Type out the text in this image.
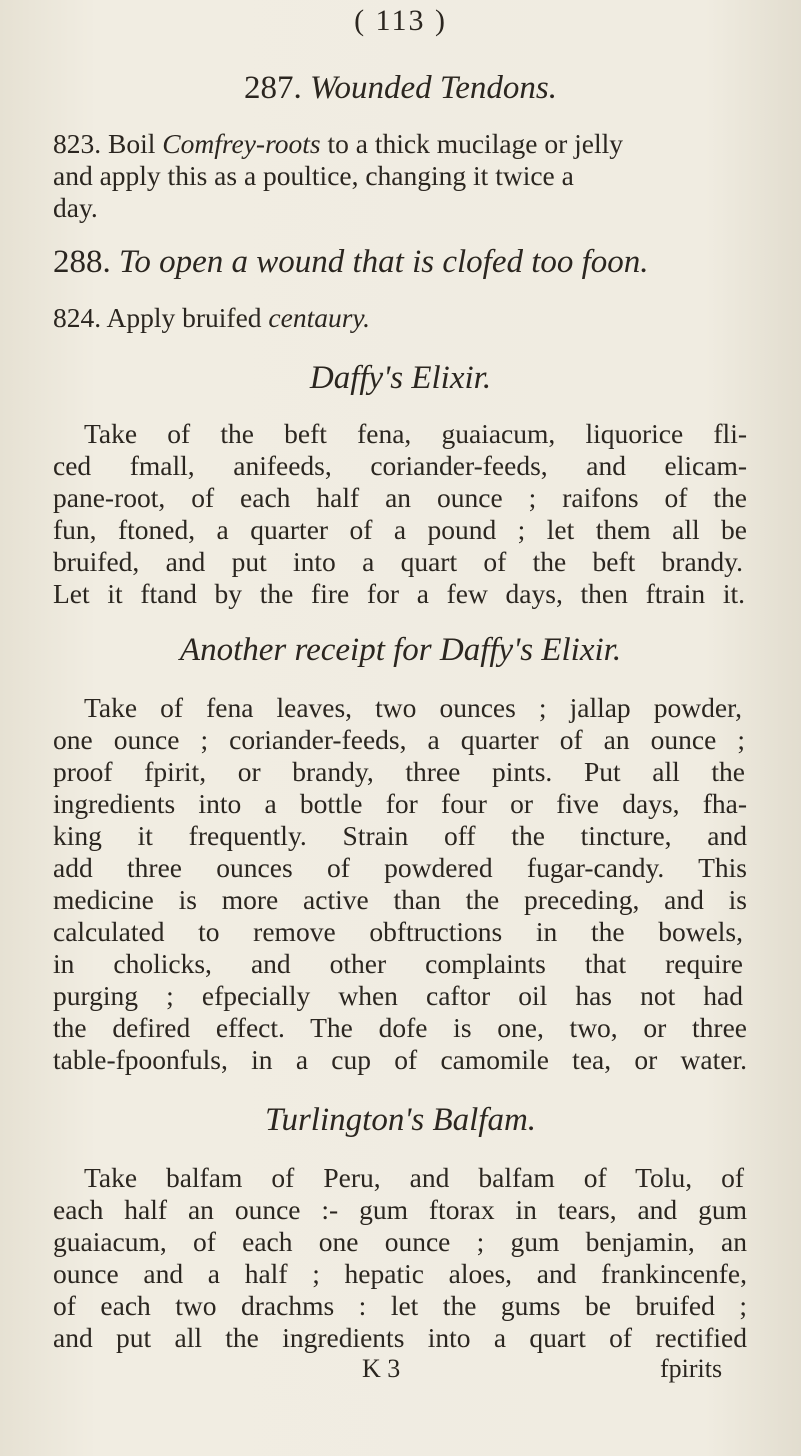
( 113 )
287. Wounded Tendons.
823. Boil Comfrey-roots to a thick mucilage or jelly
and apply this as a poultice, changing it twice a
day.
288. To open a wound that is clofed too foon.
824. Apply bruifed centaury.
Daffy's Elixir.
Take of the beft fena, guaiacum, liquorice fli-
ced fmall, anifeeds, coriander-feeds, and elicam-
pane-root, of each half an ounce ; raifons of the
fun, ftoned, a quarter of a pound ; let them all be
bruifed, and put into a quart of the beft brandy.
Let it ftand by the fire for a few days, then ftrain it.
Another receipt for Daffy's Elixir.
Take of fena leaves, two ounces ; jallap powder,
one ounce ; coriander-feeds, a quarter of an ounce ;
proof fpirit, or brandy, three pints. Put all the
ingredients into a bottle for four or five days, fha-
king it frequently. Strain off the tincture, and
add three ounces of powdered fugar-candy. This
medicine is more active than the preceding, and is
calculated to remove obftructions in the bowels,
in cholicks, and other complaints that require
purging ; efpecially when caftor oil has not had
the defired effect. The dofe is one, two, or three
table-fpoonfuls, in a cup of camomile tea, or water.
Turlington's Balfam.
Take balfam of Peru, and balfam of Tolu, of
each half an ounce :- gum ftorax in tears, and gum
guaiacum, of each one ounce ; gum benjamin, an
ounce and a half ; hepatic aloes, and frankincenfe,
of each two drachms : let the gums be bruifed ;
and put all the ingredients into a quart of rectified
K 3	fpirits
